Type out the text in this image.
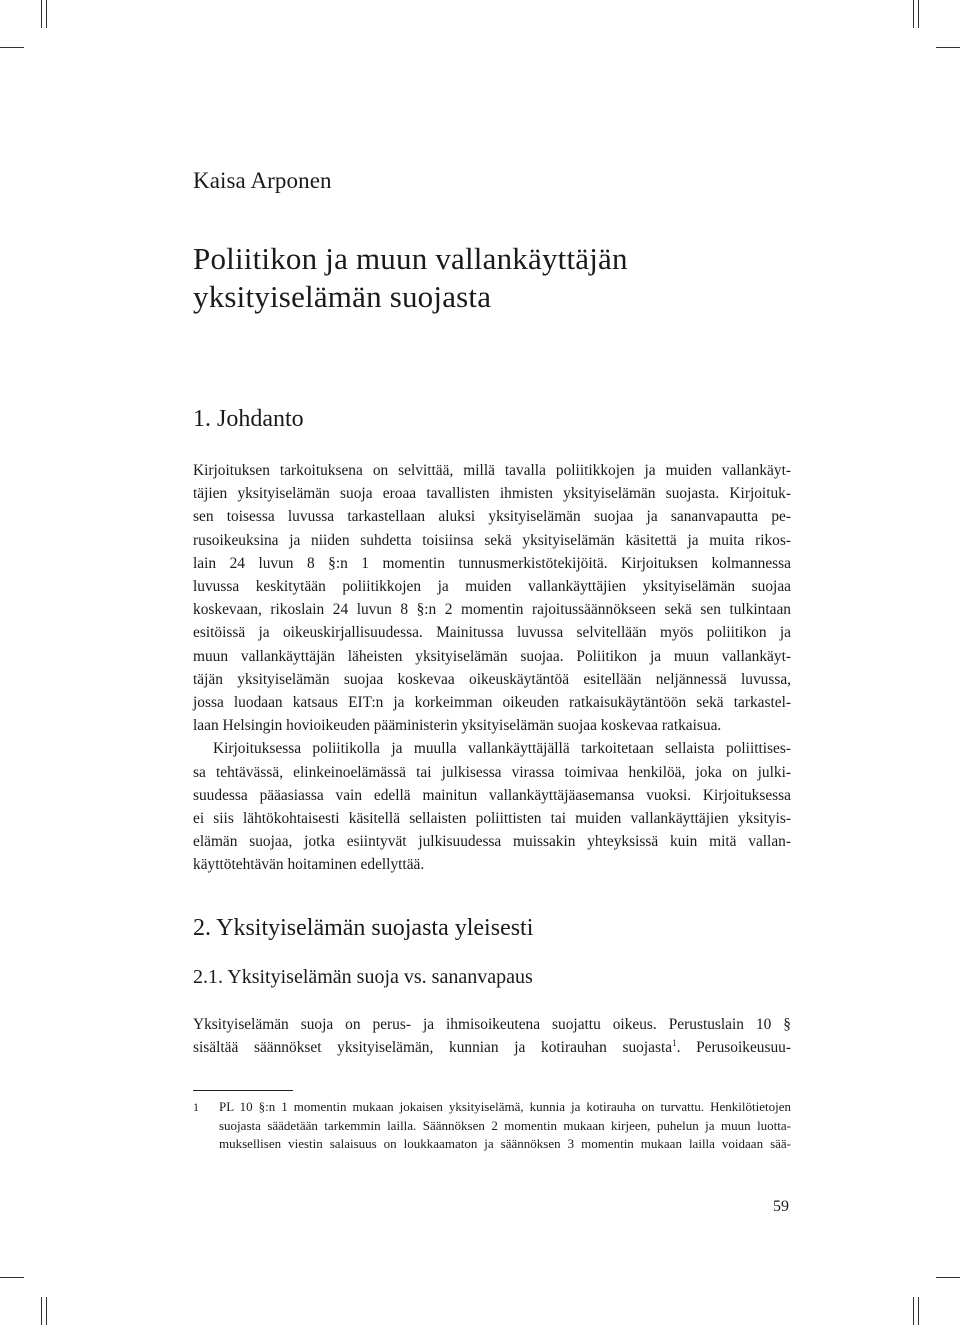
Kaisa Arponen
Poliitikon ja muun vallankäyttäjän
yksityiselämän suojasta
1. Johdanto
Kirjoituksen tarkoituksena on selvittää, millä tavalla poliitikkojen ja muiden vallankäyt-
täjien yksityiselämän suoja eroaa tavallisten ihmisten yksityiselämän suojasta. Kirjoituk-
sen toisessa luvussa tarkastellaan aluksi yksityiselämän suojaa ja sananvapautta pe-
rusoikeuksina ja niiden suhdetta toisiinsa sekä yksityiselämän käsitettä ja muita rikos-
lain 24 luvun 8 §:n 1 momentin tunnusmerkistötekijöitä. Kirjoituksen kolmannessa
luvussa keskitytään poliitikkojen ja muiden vallankäyttäjien yksityiselämän suojaa
koskevaan, rikoslain 24 luvun 8 §:n 2 momentin rajoitussäännökseen sekä sen tulkintaan
esitöissä ja oikeuskirjallisuudessa. Mainitussa luvussa selvitellään myös poliitikon ja
muun vallankäyttäjän läheisten yksityiselämän suojaa. Poliitikon ja muun vallankäyt-
täjän yksityiselämän suojaa koskevaa oikeuskäytäntöä esitellään neljännessä luvussa,
jossa luodaan katsaus EIT:n ja korkeimman oikeuden ratkaisukäytäntöön sekä tarkastel-
laan Helsingin hovioikeuden pääministerin yksityiselämän suojaa koskevaa ratkaisua.
Kirjoituksessa poliitikolla ja muulla vallankäyttäjällä tarkoitetaan sellaista poliittises-
sa tehtävässä, elinkeinoelämässä tai julkisessa virassa toimivaa henkilöä, joka on julki-
suudessa pääasiassa vain edellä mainitun vallankäyttäjäasemansa vuoksi. Kirjoituksessa
ei siis lähtökohtaisesti käsitellä sellaisten poliittisten tai muiden vallankäyttäjien yksityis-
elämän suojaa, jotka esiintyvät julkisuudessa muissakin yhteyksissä kuin mitä vallan-
käyttötehtävän hoitaminen edellyttää.
2. Yksityiselämän suojasta yleisesti
2.1. Yksityiselämän suoja vs. sananvapaus
Yksityiselämän suoja on perus- ja ihmisoikeutena suojattu oikeus. Perustuslain 10 §
sisältää säännökset yksityiselämän, kunnian ja kotirauhan suojasta$^1$. Perusoikeusuu-
1 PL 10 §:n 1 momentin mukaan jokaisen yksityiselämä, kunnia ja kotirauha on turvattu. Henkilötietojen
suojasta säädetään tarkemmin lailla. Säännöksen 2 momentin mukaan kirjeen, puhelun ja muun luotta-
muksellisen viestin salaisuus on loukkaamaton ja säännöksen 3 momentin mukaan lailla voidaan sää-
59
